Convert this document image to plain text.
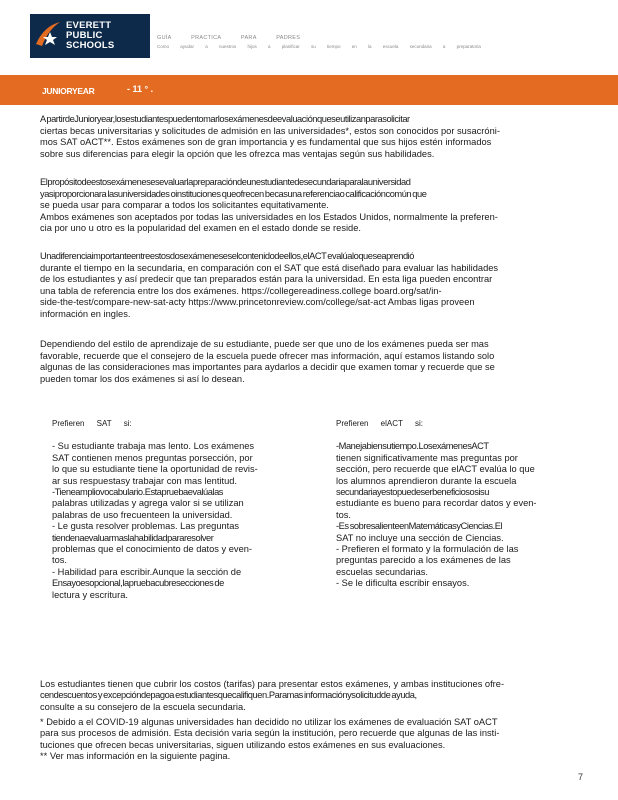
EVERETT
PUBLIC
SCHOOLS
GUÍA PRACTICA PARA PADRES
Como ayudar a nuestros hijos a planificar su tiempo en la escuela secundaria a preparatoria
JUNIORYEAR	- 11 ° .

A partirdeJunioryear,losestudiantespuedentomarlosexámenesdeevaluaciónqueseutilizanparasolicitar

ciertas becas universitarias y solicitudes de admisión en las universidades*, estos son conocidos por susacróni-

mos SAT oACT**. Estos exámenes son de gran importancia y es fundamental que sus hijos estén informados

sobre sus diferencias para elegir la opción que les ofrezca mas ventajas según sus habilidades.

Elpropósitodeestosexámenesesevaluarlapreparacióndeunestudiantedesecundariaparalauniversidad

yasiproporcionara lasuniversidades oinstituciones queofrecen becasuna referenciao calificacióncomún que

se pueda usar para comparar a todos los solicitantes equitativamente.

Ambos exámenes son aceptados por todas las universidades en los Estados Unidos, normalmente la preferen-

cia por uno u otro es la popularidad del examen en el estado donde se reside.

Unadiferenciaimportanteentreestosdosexámeneseselcontenidodeellos,elACT evalúaloqueseaprendió

durante el tiempo en la secundaria, en comparación con el SAT que está diseñado para evaluar las habilidades

de los estudiantes y así predecir que tan preparados están para la universidad. En esta liga pueden encontrar

una tabla de referencia entre los dos exámenes. https://collegereadiness.college board.org/sat/in-

side-the-test/compare-new-sat-acty https://www.princetonreview.com/college/sat-act Ambas ligas proveen

información en ingles.

Dependiendo del estilo de aprendizaje de su estudiante, puede ser que uno de los exámenes pueda ser mas

favorable, recuerde que el consejero de la escuela puede ofrecer mas información, aquí estamos listando solo

algunas de las consideraciones mas importantes para aydarlos a decidir que examen tomar y recuerde que se

pueden tomar los dos exámenes si así lo desean.

Prefieren SAT si:

- Su estudiante trabaja mas lento. Los exámenes

SAT contienen menos preguntas porsección, por

lo que su estudiante tiene la oportunidad de revis-

ar sus respuestasy trabajar con mas lentitud.

-Tieneampliovocabulario.Estapruebaevalúalas

palabras utilizadas y agrega valor si se utilizan

palabras de uso frecuenteen la universidad.

- Le gusta resolver problemas. Las preguntas

tiendenaevaluarmaslahabilidadpararesolver

problemas que el conocimiento de datos y even-

tos.

- Habilidad para escribir.Aunque la sección de

Ensayoesopcional,lapruebacubresecciones de

lectura y escritura.

Prefieren elACT si:

-Manejabiensutiempo.LosexámenesACT

tienen significativamente mas preguntas por

sección, pero recuerde que elACT evalúa lo que

los alumnos aprendieron durante la escuela

secundariayestopuedeserbeneficiososisu

estudiante es bueno para recordar datos y even-

tos.

-Es sobresalienteenMatemáticasyCiencias.El

SAT no incluye una sección de Ciencias.

- Prefieren el formato y la formulación de las

preguntas parecido a los exámenes de las

escuelas secundarias.

- Se le dificulta escribir ensayos.

Los estudiantes tienen que cubrir los costos (tarifas) para presentar estos exámenes, y ambas instituciones ofre-

cendescuentos y excepcióndepagoa estudiantesquecalifiquen.Paramas informaciónysolicitudde ayuda,

consulte a su consejero de la escuela secundaria.

* Debido a el COVID-19 algunas universidades han decidido no utilizar los exámenes de evaluación SAT oACT

para sus procesos de admisión. Esta decisión varia según la institución, pero recuerde que algunas de las insti-

tuciones que ofrecen becas universitarias, siguen utilizando estos exámenes en sus evaluaciones.

** Ver mas información en la siguiente pagina.

7
